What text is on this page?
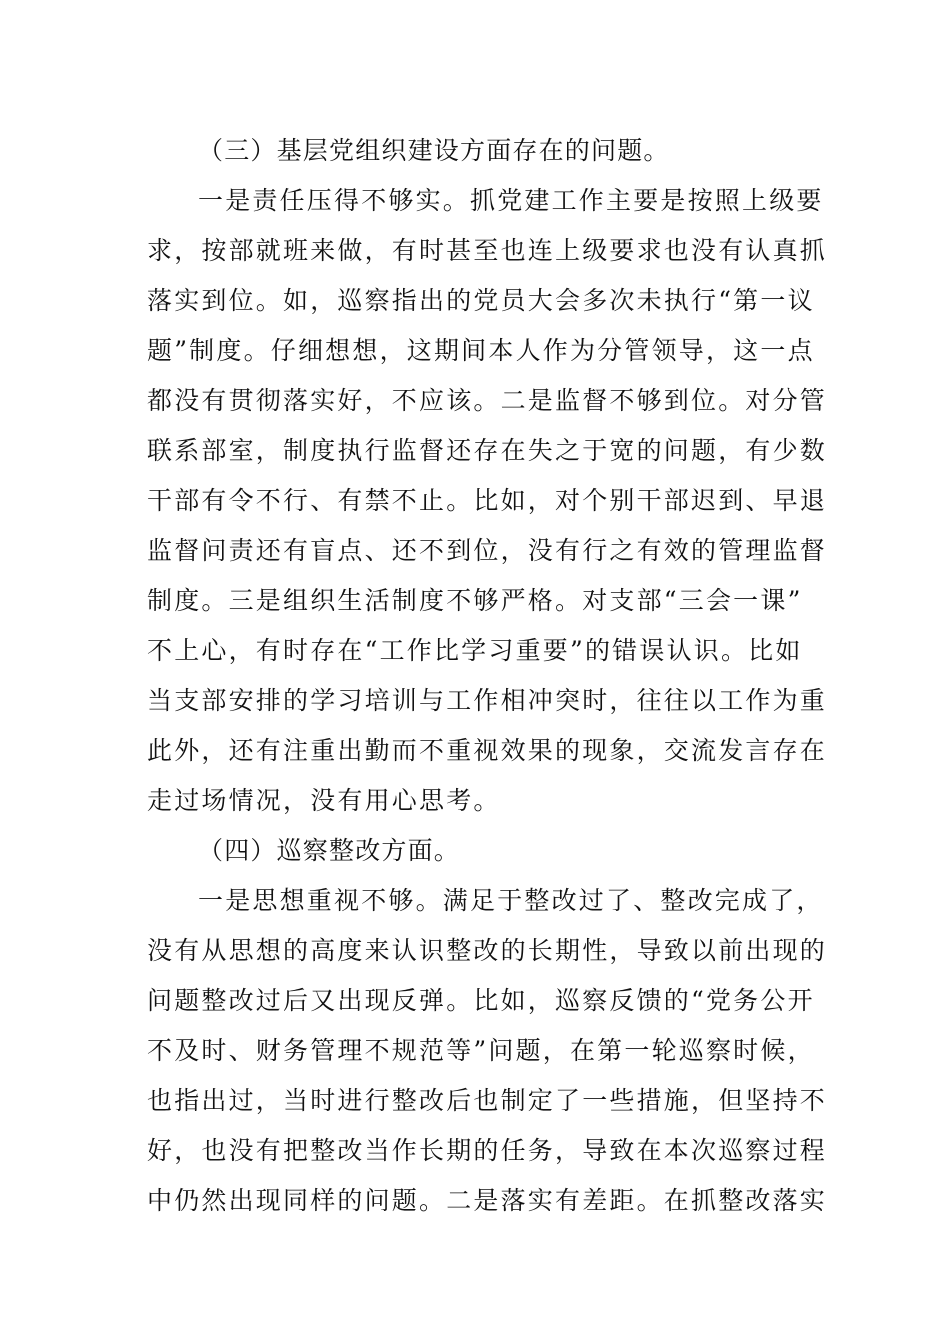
（三）基层党组织建设方面存在的问题。
一是责任压得不够实。抓党建工作主要是按照上级要
求，按部就班来做，有时甚至也连上级要求也没有认真抓
落实到位。如，巡察指出的党员大会多次未执行“第一议
题”制度。仔细想想，这期间本人作为分管领导，这一点
都没有贯彻落实好，不应该。二是监督不够到位。对分管
联系部室，制度执行监督还存在失之于宽的问题，有少数
干部有令不行、有禁不止。比如，对个别干部迟到、早退
监督问责还有盲点、还不到位，没有行之有效的管理监督
制度。三是组织生活制度不够严格。对支部“三会一课”
不上心，有时存在“工作比学习重要”的错误认识。比如
当支部安排的学习培训与工作相冲突时，往往以工作为重
此外，还有注重出勤而不重视效果的现象，交流发言存在
走过场情况，没有用心思考。
（四）巡察整改方面。
一是思想重视不够。满足于整改过了、整改完成了，
没有从思想的高度来认识整改的长期性，导致以前出现的
问题整改过后又出现反弹。比如，巡察反馈的“党务公开
不及时、财务管理不规范等”问题，在第一轮巡察时候，
也指出过，当时进行整改后也制定了一些措施，但坚持不
好，也没有把整改当作长期的任务，导致在本次巡察过程
中仍然出现同样的问题。二是落实有差距。在抓整改落实
